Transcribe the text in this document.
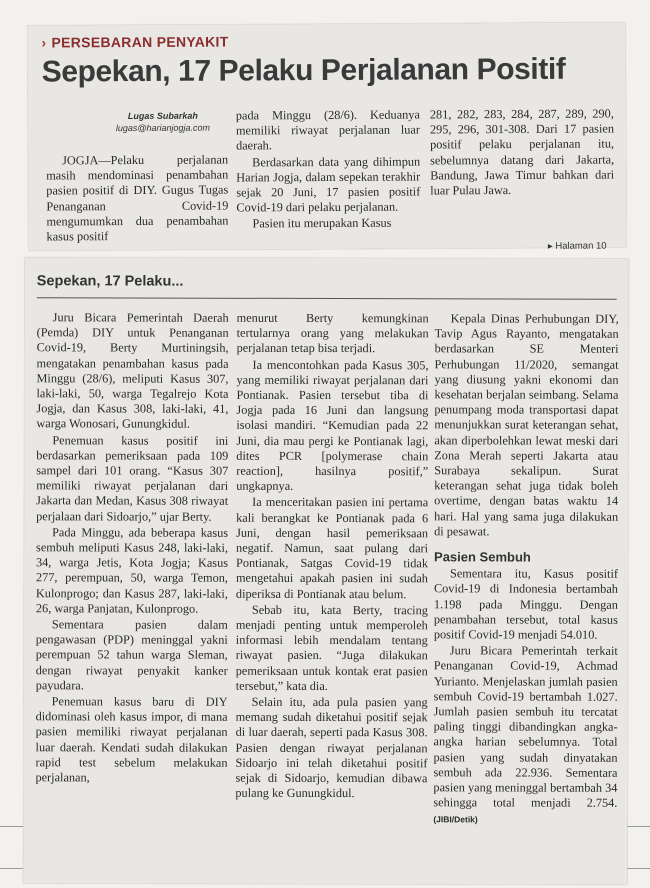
› PERSEBARAN PENYAKIT
Sepekan, 17 Pelaku Perjalanan Positif
Lugas Subarkah
lugas@harianjogja.com

JOGJA—Pelaku perjalanan masih mendominasi penambahan pasien positif di DIY. Gugus Tugas Penanganan Covid-19 mengumumkan dua penambahan kasus positif

pada Minggu (28/6). Keduanya memiliki riwayat perjalanan luar daerah.

Berdasarkan data yang dihimpun Harian Jogja, dalam sepekan terakhir sejak 20 Juni, 17 pasien positif Covid-19 dari pelaku perjalanan.

Pasien itu merupakan Kasus

281, 282, 283, 284, 287, 289, 290, 295, 296, 301-308. Dari 17 pasien positif pelaku perjalanan itu, sebelumnya datang dari Jakarta, Bandung, Jawa Timur bahkan dari luar Pulau Jawa.

▸ Halaman 10
Sepekan, 17 Pelaku...

Juru Bicara Pemerintah Daerah (Pemda) DIY untuk Penanganan Covid-19, Berty Murtiningsih, mengatakan penambahan kasus pada Minggu (28/6), meliputi Kasus 307, laki-laki, 50, warga Tegalrejo Kota Jogja, dan Kasus 308, laki-laki, 41, warga Wonosari, Gunungkidul.

Penemuan kasus positif ini berdasarkan pemeriksaan pada 109 sampel dari 101 orang. “Kasus 307 memiliki riwayat perjalanan dari Jakarta dan Medan, Kasus 308 riwayat perjalaan dari Sidoarjo,” ujar Berty.

Pada Minggu, ada beberapa kasus sembuh meliputi Kasus 248, laki-laki, 34, warga Jetis, Kota Jogja; Kasus 277, perempuan, 50, warga Temon, Kulonprogo; dan Kasus 287, laki-laki, 26, warga Panjatan, Kulonprogo.

Sementara pasien dalam pengawasan (PDP) meninggal yakni perempuan 52 tahun warga Sleman, dengan riwayat penyakit kanker payudara.

Penemuan kasus baru di DIY didominasi oleh kasus impor, di mana pasien memiliki riwayat perjalanan luar daerah. Kendati sudah dilakukan rapid test sebelum melakukan perjalanan,

menurut Berty kemungkinan tertularnya orang yang melakukan perjalanan tetap bisa terjadi.

Ia mencontohkan pada Kasus 305, yang memiliki riwayat perjalanan dari Pontianak. Pasien tersebut tiba di Jogja pada 16 Juni dan langsung isolasi mandiri. “Kemudian pada 22 Juni, dia mau pergi ke Pontianak lagi, dites PCR [polymerase chain reaction], hasilnya positif,” ungkapnya.

Ia menceritakan pasien ini pertama kali berangkat ke Pontianak pada 6 Juni, dengan hasil pemeriksaan negatif. Namun, saat pulang dari Pontianak, Satgas Covid-19 tidak mengetahui apakah pasien ini sudah diperiksa di Pontianak atau belum.

Sebab itu, kata Berty, tracing menjadi penting untuk memperoleh informasi lebih mendalam tentang riwayat pasien. “Juga dilakukan pemeriksaan untuk kontak erat pasien tersebut,” kata dia.

Selain itu, ada pula pasien yang memang sudah diketahui positif sejak di luar daerah, seperti pada Kasus 308. Pasien dengan riwayat perjalanan Sidoarjo ini telah diketahui positif sejak di Sidoarjo, kemudian dibawa pulang ke Gunungkidul.

Kepala Dinas Perhubungan DIY, Tavip Agus Rayanto, mengatakan berdasarkan SE Menteri Perhubungan 11/2020, semangat yang diusung yakni ekonomi dan kesehatan berjalan seimbang. Selama penumpang moda transportasi dapat menunjukkan surat keterangan sehat, akan diperbolehkan lewat meski dari Zona Merah seperti Jakarta atau Surabaya sekalipun. Surat keterangan sehat juga tidak boleh overtime, dengan batas waktu 14 hari. Hal yang sama juga dilakukan di pesawat.

Pasien Sembuh

Sementara itu, Kasus positif Covid-19 di Indonesia bertambah 1.198 pada Minggu. Dengan penambahan tersebut, total kasus positif Covid-19 menjadi 54.010.

Juru Bicara Pemerintah terkait Penanganan Covid-19, Achmad Yurianto. Menjelaskan jumlah pasien sembuh Covid-19 bertambah 1.027. Jumlah pasien sembuh itu tercatat paling tinggi dibandingkan angka-angka harian sebelumnya. Total pasien yang sudah dinyatakan sembuh ada 22.936. Sementara pasien yang meninggal bertambah 34 sehingga total menjadi 2.754. (JIBI/Detik)
